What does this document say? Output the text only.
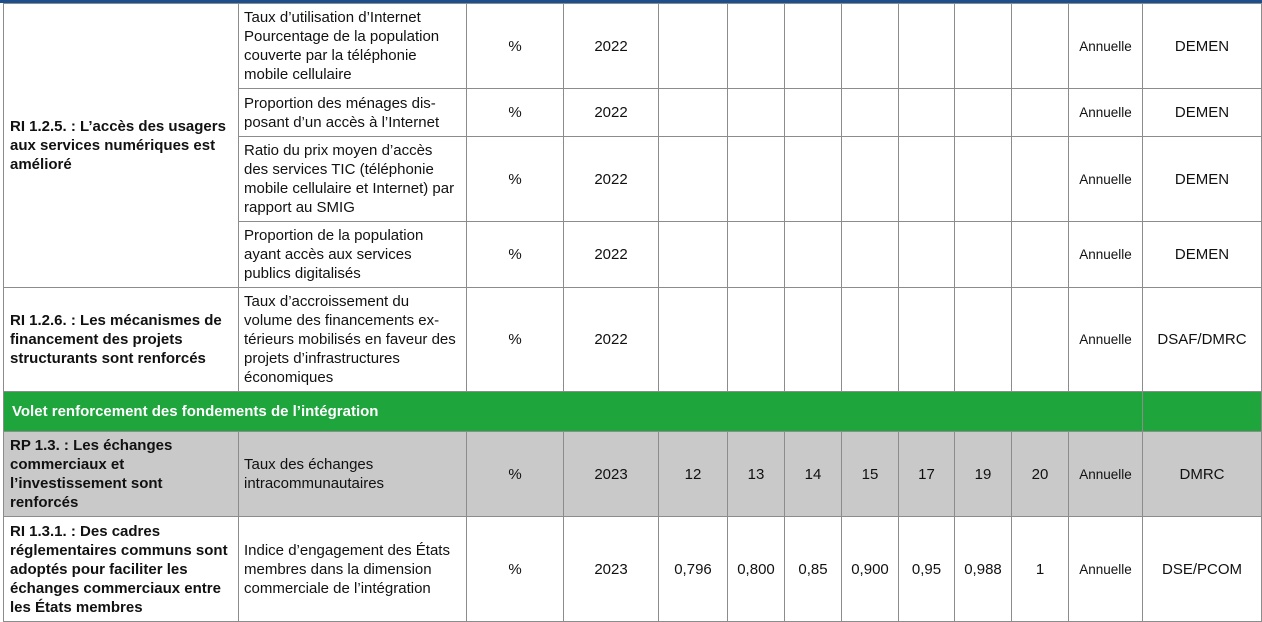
RI 1.2.5. : L’accès des usagers aux services numériques est amélioré	Taux d’utilisation d’Internet Pourcentage de la population couverte par la téléphonie mobile cellulaire	%	2022								Annuelle	DEMEN
	Proportion des ménages dis-posant d’un accès à l’Internet	%	2022								Annuelle	DEMEN
	Ratio du prix moyen d’accès des services TIC (téléphonie mobile cellulaire et Internet) par rapport au SMIG	%	2022								Annuelle	DEMEN
	Proportion de la population ayant accès aux services publics digitalisés	%	2022								Annuelle	DEMEN
RI 1.2.6. : Les mécanismes de financement des projets structurants sont renforcés	Taux d’accroissement du volume des financements ex-térieurs mobilisés en faveur des projets d’infrastructures économiques	%	2022								Annuelle	DSAF/DMRC
Volet renforcement des fondements de l’intégration												
RP 1.3. : Les échanges commerciaux et l’investissement sont renforcés	Taux des échanges intracommunautaires	%	2023	12	13	14	15	17	19	20	Annuelle	DMRC
RI 1.3.1. : Des cadres réglementaires communs sont adoptés pour faciliter les échanges commerciaux entre les États membres	Indice d’engagement des États membres dans la dimension commerciale de l’intégration	%	2023	0,796	0,800	0,85	0,900	0,95	0,988	1	Annuelle	DSE/PCOM
